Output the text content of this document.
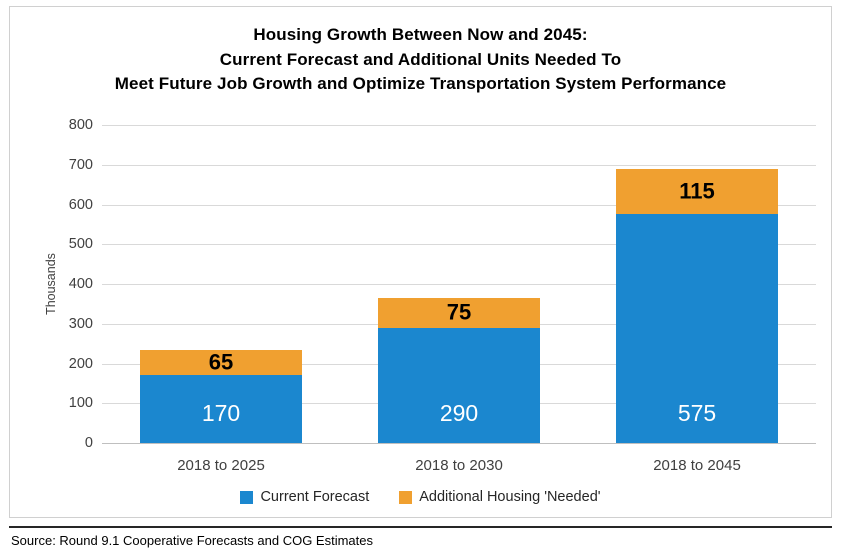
Housing Growth Between Now and 2045:
Current Forecast and Additional Units Needed To
Meet Future Job Growth and Optimize Transportation System Performance
Thousands
0
100
200
300
400
500
600
700
800
170
65
2018 to 2025
290
75
2018 to 2030
575
115
2018 to 2045
Current Forecast	Additional Housing 'Needed'
Source: Round 9.1 Cooperative Forecasts and COG Estimates
